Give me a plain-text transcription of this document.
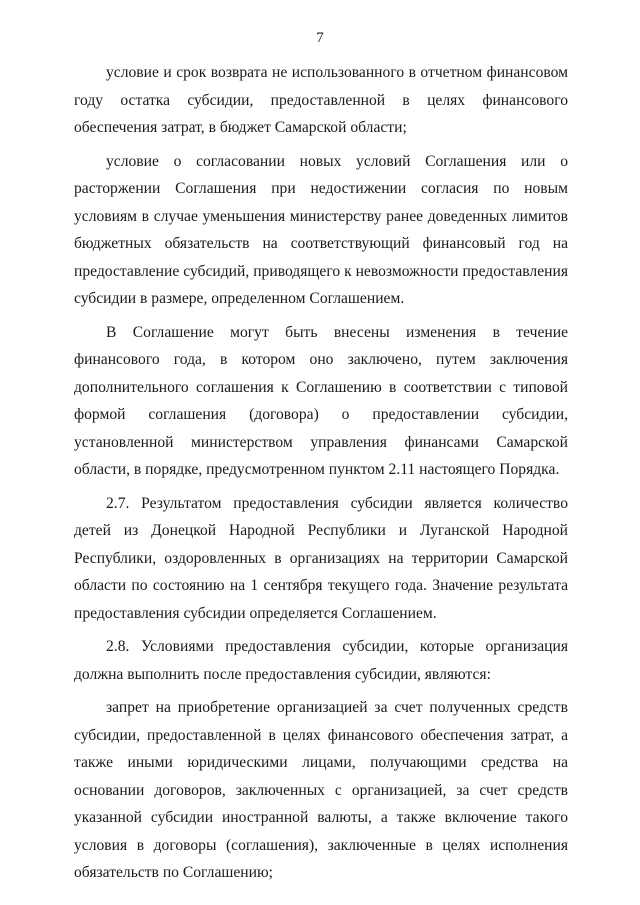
7

условие и срок возврата не использованного в отчетном финансовом году остатка субсидии, предоставленной в целях финансового обеспечения затрат, в бюджет Самарской области;

условие о согласовании новых условий Соглашения или о расторжении Соглашения при недостижении согласия по новым условиям в случае уменьшения министерству ранее доведенных лимитов бюджетных обязательств на соответствующий финансовый год на предоставление субсидий, приводящего к невозможности предоставления субсидии в размере, определенном Соглашением.

В Соглашение могут быть внесены изменения в течение финансового года, в котором оно заключено, путем заключения дополнительного соглашения к Соглашению в соответствии с типовой формой соглашения (договора) о предоставлении субсидии, установленной министерством управления финансами Самарской области, в порядке, предусмотренном пунктом 2.11 настоящего Порядка.

2.7. Результатом предоставления субсидии является количество детей из Донецкой Народной Республики и Луганской Народной Республики, оздоровленных в организациях на территории Самарской области по состоянию на 1 сентября текущего года. Значение результата предоставления субсидии определяется Соглашением.

2.8. Условиями предоставления субсидии, которые организация должна выполнить после предоставления субсидии, являются:

запрет на приобретение организацией за счет полученных средств субсидии, предоставленной в целях финансового обеспечения затрат, а также иными юридическими лицами, получающими средства на основании договоров, заключенных с организацией, за счет средств указанной субсидии иностранной валюты, а также включение такого условия в договоры (соглашения), заключенные в целях исполнения обязательств по Соглашению;
